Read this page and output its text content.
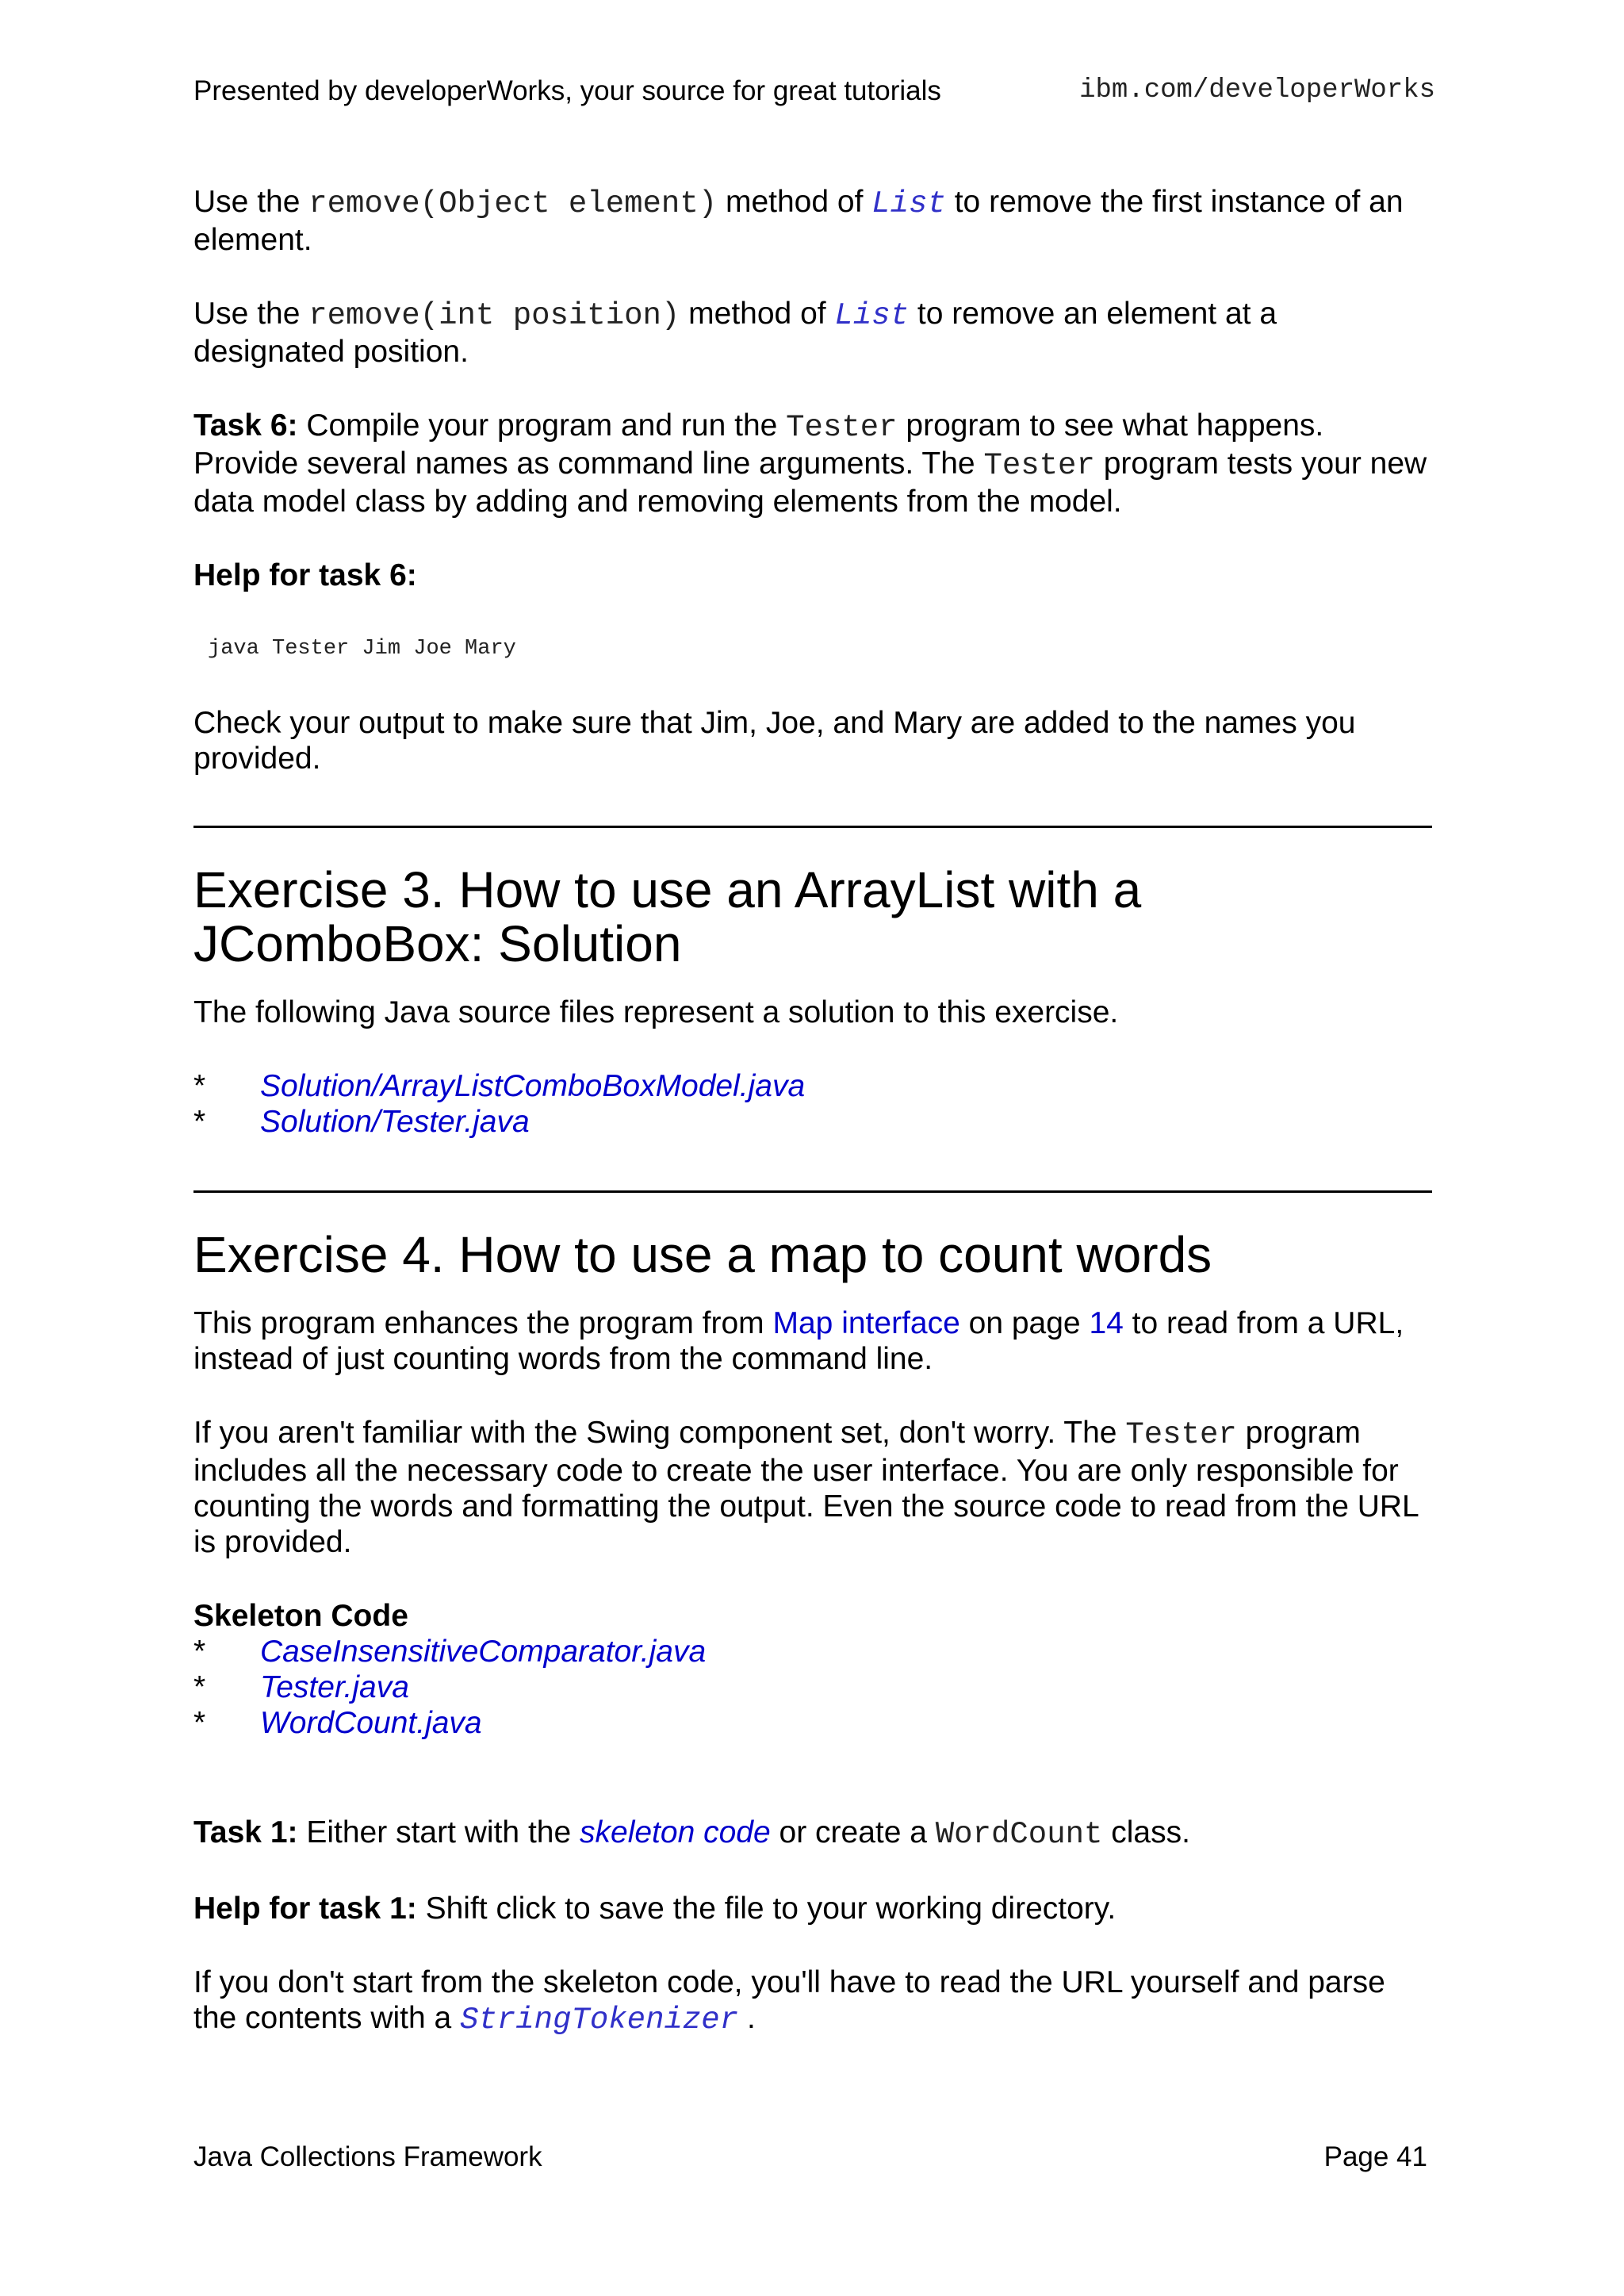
Presented by developerWorks, your source for great tutorials	ibm.com/developerWorks

Use the remove(Object element) method of List to remove the first instance of an element.

Use the remove(int position) method of List to remove an element at a designated position.

Task 6: Compile your program and run the Tester program to see what happens. Provide several names as command line arguments. The Tester program tests your new data model class by adding and removing elements from the model.

Help for task 6:

java Tester Jim Joe Mary

Check your output to make sure that Jim, Joe, and Mary are added to the names you provided.

Exercise 3. How to use an ArrayList with a JComboBox: Solution

The following Java source files represent a solution to this exercise.

* Solution/ArrayListComboBoxModel.java
* Solution/Tester.java
Exercise 4. How to use a map to count words

This program enhances the program from Map interface on page 14 to read from a URL, instead of just counting words from the command line.

If you aren't familiar with the Swing component set, don't worry. The Tester program includes all the necessary code to create the user interface. You are only responsible for counting the words and formatting the output. Even the source code to read from the URL is provided.

Skeleton Code

* CaseInsensitiveComparator.java
* Tester.java
* WordCount.java

Task 1: Either start with the skeleton code or create a WordCount class.

Help for task 1: Shift click to save the file to your working directory.

If you don't start from the skeleton code, you'll have to read the URL yourself and parse the contents with a StringTokenizer .

Java Collections Framework	Page 41
